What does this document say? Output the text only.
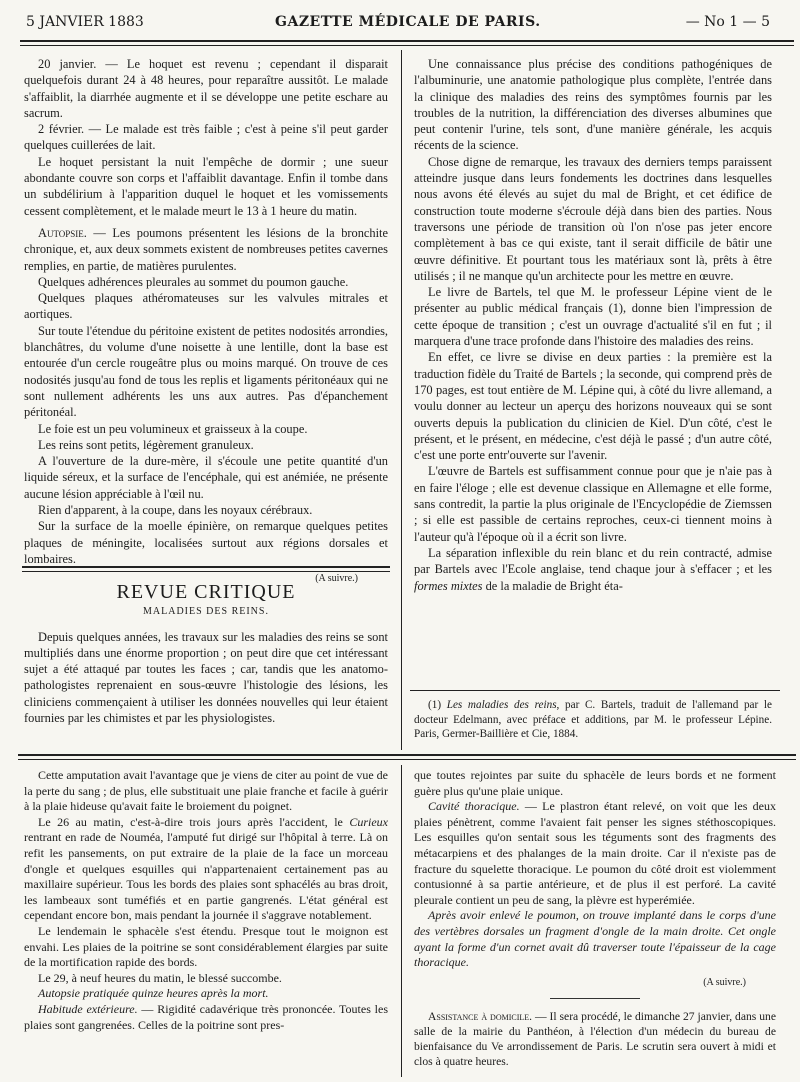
5 JANVIER 1883	GAZETTE MÉDICALE DE PARIS.	— No 1 — 5

20 janvier. — Le hoquet est revenu ; cependant il disparait quelquefois durant 24 à 48 heures, pour reparaître aussitôt. Le malade s'affaiblit, la diarrhée augmente et il se développe une petite eschare au sacrum.

2 février. — Le malade est très faible ; c'est à peine s'il peut garder quelques cuillerées de lait.

Le hoquet persistant la nuit l'empêche de dormir ; une sueur abondante couvre son corps et l'affaiblit davantage. Enfin il tombe dans un subdélirium à l'apparition duquel le hoquet et les vomissements cessent complètement, et le malade meurt le 13 à 1 heure du matin.

Autopsie. — Les poumons présentent les lésions de la bronchite chronique, et, aux deux sommets existent de nombreuses petites cavernes remplies, en partie, de matières purulentes.

Quelques adhérences pleurales au sommet du poumon gauche.

Quelques plaques athéromateuses sur les valvules mitrales et aortiques.

Sur toute l'étendue du péritoine existent de petites nodosités arrondies, blanchâtres, du volume d'une noisette à une lentille, dont la base est entourée d'un cercle rougeâtre plus ou moins marqué. On trouve de ces nodosités jusqu'au fond de tous les replis et ligaments péritonéaux qui ne sont nullement adhérents les uns aux autres. Pas d'épanchement péritonéal.

Le foie est un peu volumineux et graisseux à la coupe.

Les reins sont petits, légèrement granuleux.

A l'ouverture de la dure-mère, il s'écoule une petite quantité d'un liquide séreux, et la surface de l'encéphale, qui est anémiée, ne présente aucune lésion appréciable à l'œil nu.

Rien d'apparent, à la coupe, dans les noyaux cérébraux.

Sur la surface de la moelle épinière, on remarque quelques petites plaques de méningite, localisées surtout aux régions dorsales et lombaires.

(A suivre.)
REVUE CRITIQUE
MALADIES DES REINS.

Depuis quelques années, les travaux sur les maladies des reins se sont multipliés dans une énorme proportion ; on peut dire que cet intéressant sujet a été attaqué par toutes les faces ; car, tandis que les anatomo-pathologistes reprenaient en sous-œuvre l'histologie des lésions, les cliniciens commençaient à utiliser les données nouvelles qui leur étaient fournies par les chimistes et par les physiologistes.

Une connaissance plus précise des conditions pathogéniques de l'albuminurie, une anatomie pathologique plus complète, l'entrée dans la clinique des maladies des reins des symptômes fournis par les troubles de la nutrition, la différenciation des diverses albumines que peut contenir l'urine, tels sont, d'une manière générale, les acquis récents de la science.

Chose digne de remarque, les travaux des derniers temps paraissent atteindre jusque dans leurs fondements les doctrines dans lesquelles nous avons été élevés au sujet du mal de Bright, et cet édifice de construction toute moderne s'écroule déjà dans bien des parties. Nous traversons une période de transition où l'on n'ose pas jeter encore complètement à bas ce qui existe, tant il serait difficile de bâtir une œuvre définitive. Et pourtant tous les matériaux sont là, prêts à être utilisés ; il ne manque qu'un architecte pour les mettre en œuvre.

Le livre de Bartels, tel que M. le professeur Lépine vient de le présenter au public médical français (1), donne bien l'impression de cette époque de transition ; c'est un ouvrage d'actualité s'il en fut ; il marquera d'une trace profonde dans l'histoire des maladies des reins.

En effet, ce livre se divise en deux parties : la première est la traduction fidèle du Traité de Bartels ; la seconde, qui comprend près de 170 pages, est tout entière de M. Lépine qui, à côté du livre allemand, a voulu donner au lecteur un aperçu des horizons nouveaux qui se sont ouverts depuis la publication du clinicien de Kiel. D'un côté, c'est le présent, et le présent, en médecine, c'est déjà le passé ; d'un autre côté, c'est une porte entr'ouverte sur l'avenir.

L'œuvre de Bartels est suffisamment connue pour que je n'aie pas à en faire l'éloge ; elle est devenue classique en Allemagne et elle forme, sans contredit, la partie la plus originale de l'Encyclopédie de Ziemssen ; si elle est passible de certains reproches, ceux-ci tiennent moins à l'auteur qu'à l'époque où il a écrit son livre.

La séparation inflexible du rein blanc et du rein contracté, admise par Bartels avec l'Ecole anglaise, tend chaque jour à s'effacer ; et les formes mixtes de la maladie de Bright éta-

(1) Les maladies des reins, par C. Bartels, traduit de l'allemand par le docteur Edelmann, avec préface et additions, par M. le professeur Lépine. Paris, Germer-Baillière et Cie, 1884.

Cette amputation avait l'avantage que je viens de citer au point de vue de la perte du sang ; de plus, elle substituait une plaie franche et facile à guérir à la plaie hideuse qu'avait faite le broiement du poignet.

Le 26 au matin, c'est-à-dire trois jours après l'accident, le Curieux rentrant en rade de Nouméa, l'amputé fut dirigé sur l'hôpital à terre. Là on refit les pansements, on put extraire de la plaie de la face un morceau d'ongle et quelques esquilles qui n'appartenaient certainement pas au maxillaire supérieur. Tous les bords des plaies sont sphacélés au bras droit, les lambeaux sont tuméfiés et en partie gangrenés. L'état général est cependant encore bon, mais pendant la journée il s'aggrave notablement.

Le lendemain le sphacèle s'est étendu. Presque tout le moignon est envahi. Les plaies de la poitrine se sont considérablement élargies par suite de la mortification rapide des bords.

Le 29, à neuf heures du matin, le blessé succombe.

Autopsie pratiquée quinze heures après la mort.

Habitude extérieure. — Rigidité cadavérique très prononcée. Toutes les plaies sont gangrenées. Celles de la poitrine sont pres-

que toutes rejointes par suite du sphacèle de leurs bords et ne forment guère plus qu'une plaie unique.

Cavité thoracique. — Le plastron étant relevé, on voit que les deux plaies pénètrent, comme l'avaient fait penser les signes stéthoscopiques. Les esquilles qu'on sentait sous les téguments sont des fragments des métacarpiens et des phalanges de la main droite. Car il n'existe pas de fracture du squelette thoracique. Le poumon du côté droit est violemment contusionné à sa partie antérieure, et de plus il est perforé. La cavité pleurale contient un peu de sang, la plèvre est hyperémiée.

Après avoir enlevé le poumon, on trouve implanté dans le corps d'une des vertèbres dorsales un fragment d'ongle de la main droite. Cet ongle ayant la forme d'un cornet avait dû traverser toute l'épaisseur de la cage thoracique.

(A suivre.)

Assistance à domicile. — Il sera procédé, le dimanche 27 janvier, dans une salle de la mairie du Panthéon, à l'élection d'un médecin du bureau de bienfaisance du Ve arrondissement de Paris. Le scrutin sera ouvert à midi et clos à quatre heures.
